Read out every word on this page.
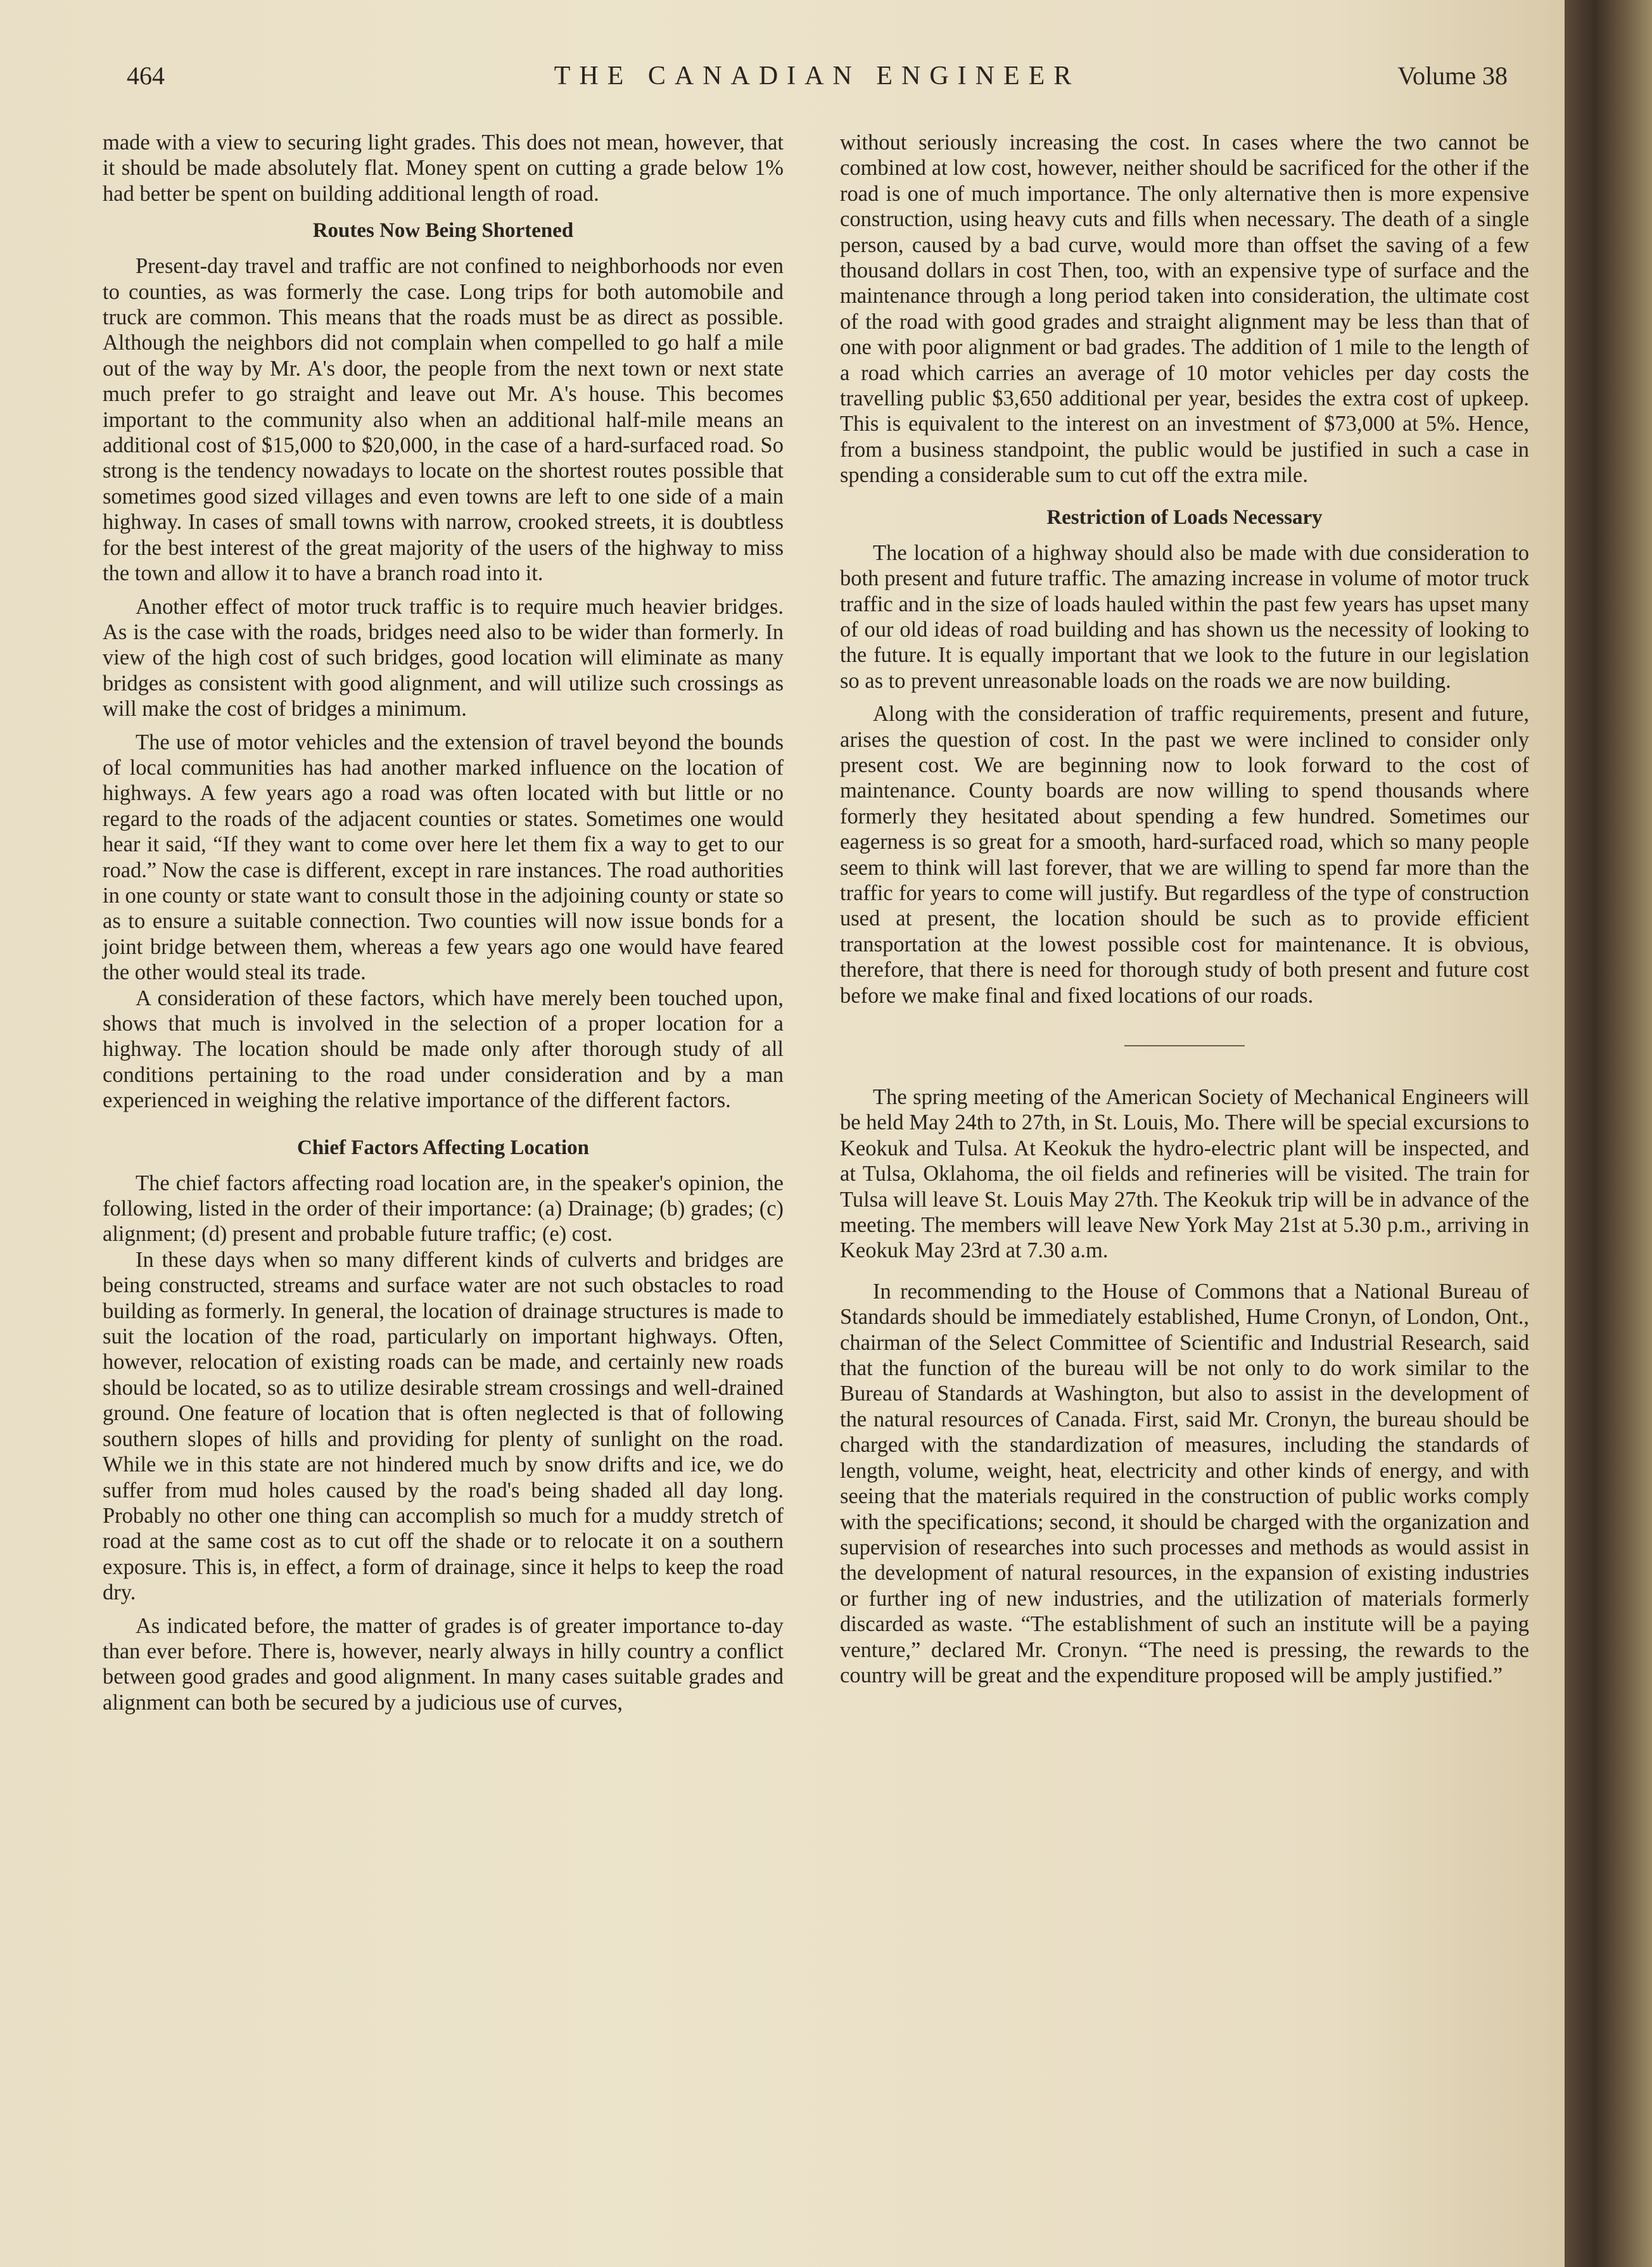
464	THE CANADIAN ENGINEER	Volume 38

made with a view to securing light grades. This does not mean, however, that it should be made absolutely flat. Money spent on cutting a grade below 1% had better be spent on building additional length of road.

Routes Now Being Shortened

Present-day travel and traffic are not confined to neighborhoods nor even to counties, as was formerly the case. Long trips for both automobile and truck are common. This means that the roads must be as direct as possible. Although the neighbors did not complain when compelled to go half a mile out of the way by Mr. A's door, the people from the next town or next state much prefer to go straight and leave out Mr. A's house. This becomes important to the community also when an additional half-mile means an additional cost of $15,000 to $20,000, in the case of a hard-surfaced road. So strong is the tendency nowadays to locate on the shortest routes possible that sometimes good sized villages and even towns are left to one side of a main highway. In cases of small towns with narrow, crooked streets, it is doubtless for the best interest of the great majority of the users of the highway to miss the town and allow it to have a branch road into it.

Another effect of motor truck traffic is to require much heavier bridges. As is the case with the roads, bridges need also to be wider than formerly. In view of the high cost of such bridges, good location will eliminate as many bridges as consistent with good alignment, and will utilize such crossings as will make the cost of bridges a minimum.

The use of motor vehicles and the extension of travel beyond the bounds of local communities has had another marked influence on the location of highways. A few years ago a road was often located with but little or no regard to the roads of the adjacent counties or states. Sometimes one would hear it said, “If they want to come over here let them fix a way to get to our road.” Now the case is different, except in rare instances. The road authorities in one county or state want to consult those in the adjoining county or state so as to ensure a suitable connection. Two counties will now issue bonds for a joint bridge between them, whereas a few years ago one would have feared the other would steal its trade.

A consideration of these factors, which have merely been touched upon, shows that much is involved in the selection of a proper location for a highway. The location should be made only after thorough study of all conditions pertaining to the road under consideration and by a man experienced in weighing the relative importance of the different factors.

Chief Factors Affecting Location

The chief factors affecting road location are, in the speaker's opinion, the following, listed in the order of their importance: (a) Drainage; (b) grades; (c) alignment; (d) present and probable future traffic; (e) cost.

In these days when so many different kinds of culverts and bridges are being constructed, streams and surface water are not such obstacles to road building as formerly. In general, the location of drainage structures is made to suit the location of the road, particularly on important highways. Often, however, relocation of existing roads can be made, and certainly new roads should be located, so as to utilize desirable stream crossings and well-drained ground. One feature of location that is often neglected is that of following southern slopes of hills and providing for plenty of sunlight on the road. While we in this state are not hindered much by snow drifts and ice, we do suffer from mud holes caused by the road's being shaded all day long. Probably no other one thing can accomplish so much for a muddy stretch of road at the same cost as to cut off the shade or to relocate it on a southern exposure. This is, in effect, a form of drainage, since it helps to keep the road dry.

As indicated before, the matter of grades is of greater importance to-day than ever before. There is, however, nearly always in hilly country a conflict between good grades and good alignment. In many cases suitable grades and alignment can both be secured by a judicious use of curves,

without seriously increasing the cost. In cases where the two cannot be combined at low cost, however, neither should be sacrificed for the other if the road is one of much importance. The only alternative then is more expensive construction, using heavy cuts and fills when necessary. The death of a single person, caused by a bad curve, would more than offset the saving of a few thousand dollars in cost Then, too, with an expensive type of surface and the maintenance through a long period taken into consideration, the ultimate cost of the road with good grades and straight alignment may be less than that of one with poor alignment or bad grades. The addition of 1 mile to the length of a road which carries an average of 10 motor vehicles per day costs the travelling public $3,650 additional per year, besides the extra cost of upkeep. This is equivalent to the interest on an investment of $73,000 at 5%. Hence, from a business standpoint, the public would be justified in such a case in spending a considerable sum to cut off the extra mile.

Restriction of Loads Necessary

The location of a highway should also be made with due consideration to both present and future traffic. The amazing increase in volume of motor truck traffic and in the size of loads hauled within the past few years has upset many of our old ideas of road building and has shown us the necessity of looking to the future. It is equally important that we look to the future in our legislation so as to prevent unreasonable loads on the roads we are now building.

Along with the consideration of traffic requirements, present and future, arises the question of cost. In the past we were inclined to consider only present cost. We are beginning now to look forward to the cost of maintenance. County boards are now willing to spend thousands where formerly they hesitated about spending a few hundred. Sometimes our eagerness is so great for a smooth, hard-surfaced road, which so many people seem to think will last forever, that we are willing to spend far more than the traffic for years to come will justify. But regardless of the type of construction used at present, the location should be such as to provide efficient transportation at the lowest possible cost for maintenance. It is obvious, therefore, that there is need for thorough study of both present and future cost before we make final and fixed locations of our roads.

The spring meeting of the American Society of Mechanical Engineers will be held May 24th to 27th, in St. Louis, Mo. There will be special excursions to Keokuk and Tulsa. At Keokuk the hydro-electric plant will be inspected, and at Tulsa, Oklahoma, the oil fields and refineries will be visited. The train for Tulsa will leave St. Louis May 27th. The Keokuk trip will be in advance of the meeting. The members will leave New York May 21st at 5.30 p.m., arriving in Keokuk May 23rd at 7.30 a.m.

In recommending to the House of Commons that a National Bureau of Standards should be immediately established, Hume Cronyn, of London, Ont., chairman of the Select Committee of Scientific and Industrial Research, said that the function of the bureau will be not only to do work similar to the Bureau of Standards at Washington, but also to assist in the development of the natural resources of Canada. First, said Mr. Cronyn, the bureau should be charged with the standardization of measures, including the standards of length, volume, weight, heat, electricity and other kinds of energy, and with seeing that the materials required in the construction of public works comply with the specifications; second, it should be charged with the organization and supervision of researches into such processes and methods as would assist in the development of natural resources, in the expansion of existing industries or further ing of new industries, and the utilization of materials formerly discarded as waste. “The establishment of such an institute will be a paying venture,” declared Mr. Cronyn. “The need is pressing, the rewards to the country will be great and the expenditure proposed will be amply justified.”
